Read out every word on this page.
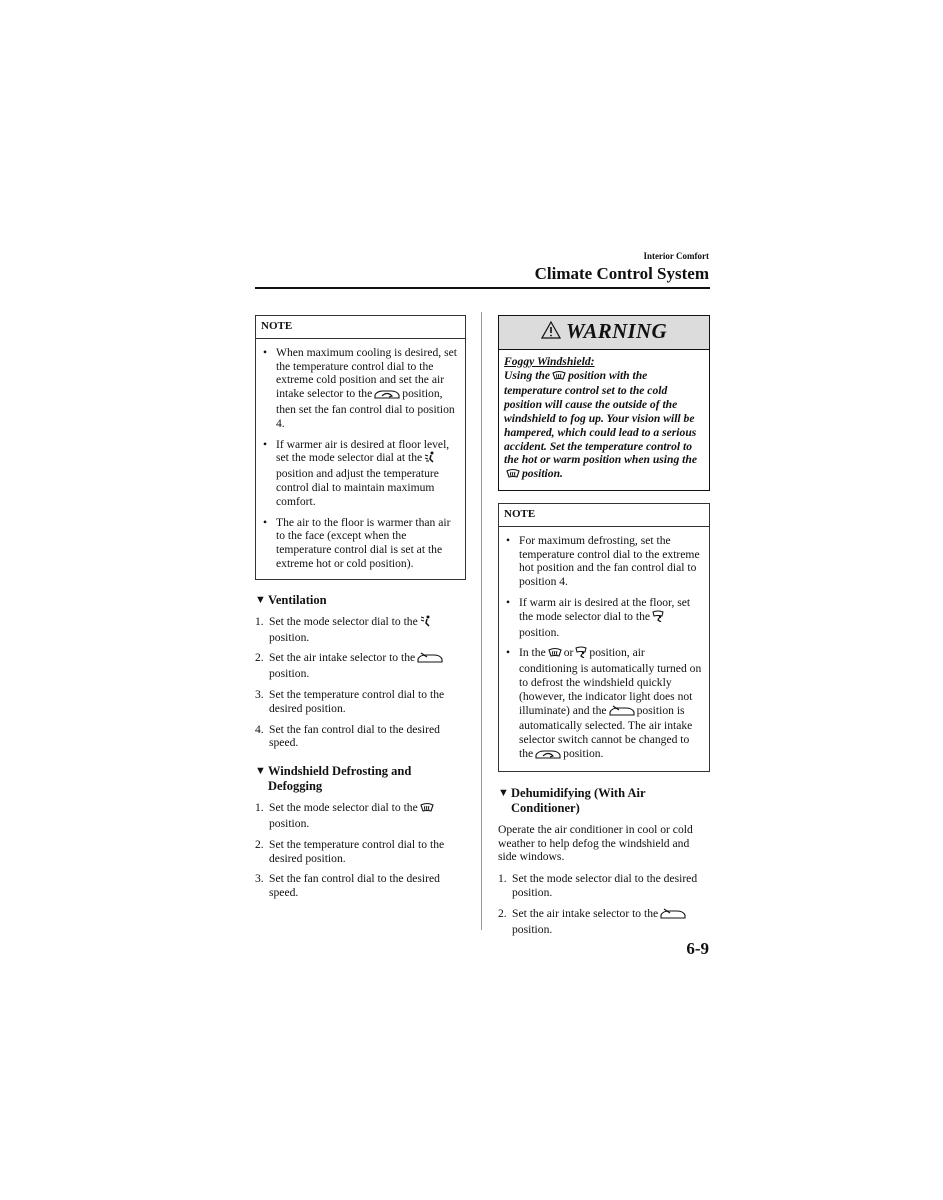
Interior Comfort
Climate Control System
NOTE
• When maximum cooling is desired, set the temperature control dial to the extreme cold position and set the air intake selector to the	position, then set the fan control dial to position 4.
• If warmer air is desired at floor level, set the mode selector dial at theposition and adjust the temperature control dial to maintain maximum comfort.
• The air to the floor is warmer than air to the face (except when the temperature control dial is set at the extreme hot or cold position).
▼ Ventilation
1. Set the mode selector dial to theposition.
2. Set the air intake selector to theposition.
3. Set the temperature control dial to the desired position.
4. Set the fan control dial to the desired speed.
▼ Windshield Defrosting and Defogging
1. Set the mode selector dial to theposition.
2. Set the temperature control dial to the desired position.
3. Set the fan control dial to the desired speed.
WARNING
Foggy Windshield:
Using the position with the temperature control set to the cold position will cause the outside of the windshield to fog up. Your vision will be hampered, which could lead to a serious accident. Set the temperature control to the hot or warm position when using theposition.
NOTE
• For maximum defrosting, set the temperature control dial to the extreme hot position and the fan control dial to position 4.
• If warm air is desired at the floor, set the mode selector dial to the
position.
• In the or position, air conditioning is automatically turned on to defrost the windshield quickly (however, the indicator light does not illuminate) and the	position is automatically selected. The air intake selector switch cannot be changed to the	position.
▼ Dehumidifying (With Air Conditioner)
Operate the air conditioner in cool or cold weather to help defog the windshield and side windows.
1. Set the mode selector dial to the desired position.
2. Set the air intake selector to theposition.
6-9
